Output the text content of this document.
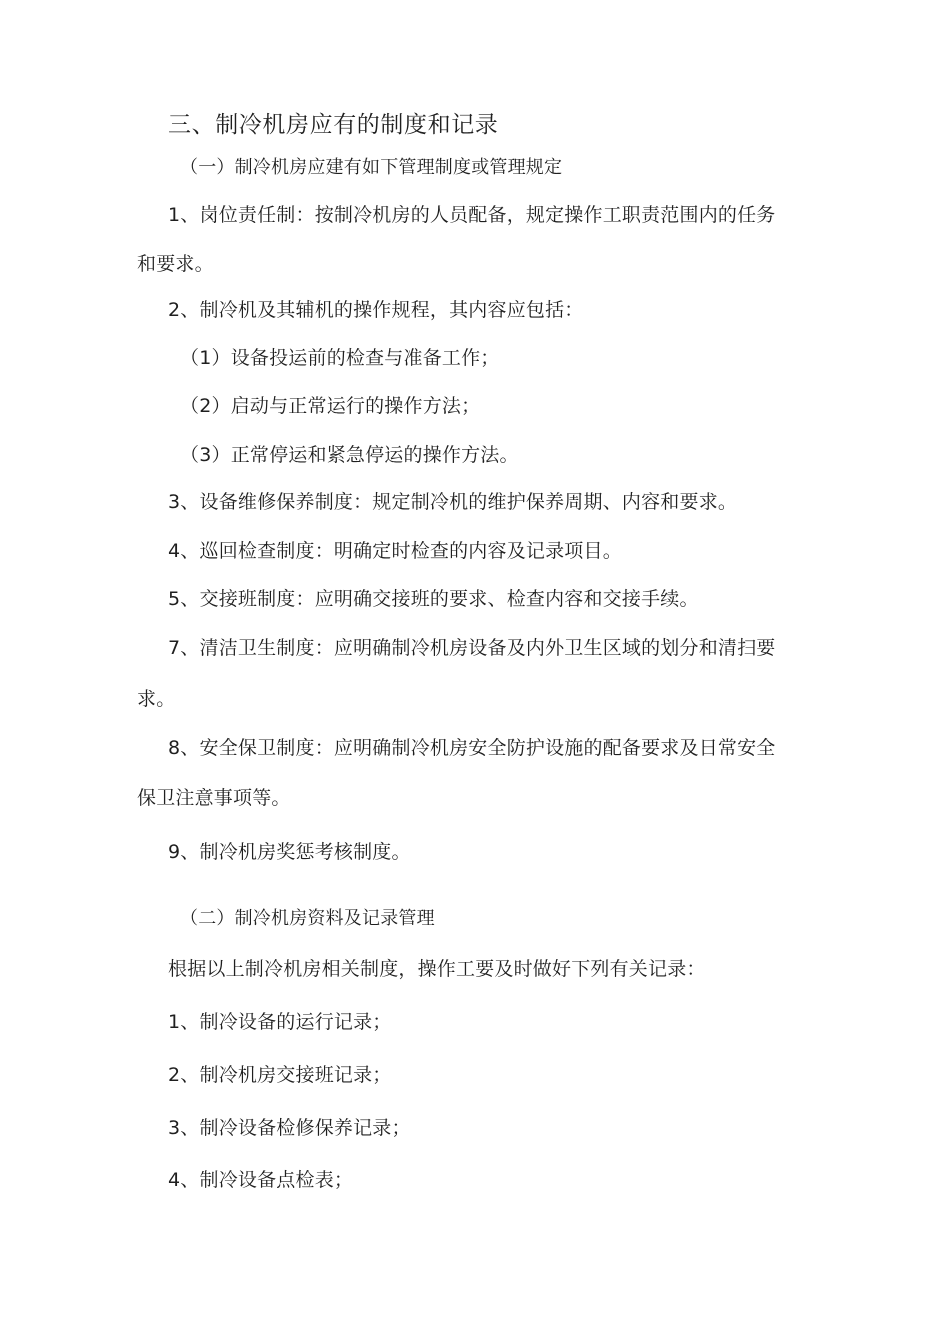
三、制冷机房应有的制度和记录
（一）制冷机房应建有如下管理制度或管理规定
1、岗位责任制：按制冷机房的人员配备，规定操作工职责范围内的任务
和要求。
2、制冷机及其辅机的操作规程，其内容应包括：
（1）设备投运前的检查与准备工作；
（2）启动与正常运行的操作方法；
（3）正常停运和紧急停运的操作方法。
3、设备维修保养制度：规定制冷机的维护保养周期、内容和要求。
4、巡回检查制度：明确定时检查的内容及记录项目。
5、交接班制度：应明确交接班的要求、检查内容和交接手续。
7、清洁卫生制度：应明确制冷机房设备及内外卫生区域的划分和清扫要
求。
8、安全保卫制度：应明确制冷机房安全防护设施的配备要求及日常安全
保卫注意事项等。
9、制冷机房奖惩考核制度。
（二）制冷机房资料及记录管理
根据以上制冷机房相关制度，操作工要及时做好下列有关记录：
1、制冷设备的运行记录；
2、制冷机房交接班记录；
3、制冷设备检修保养记录；
4、制冷设备点检表；
